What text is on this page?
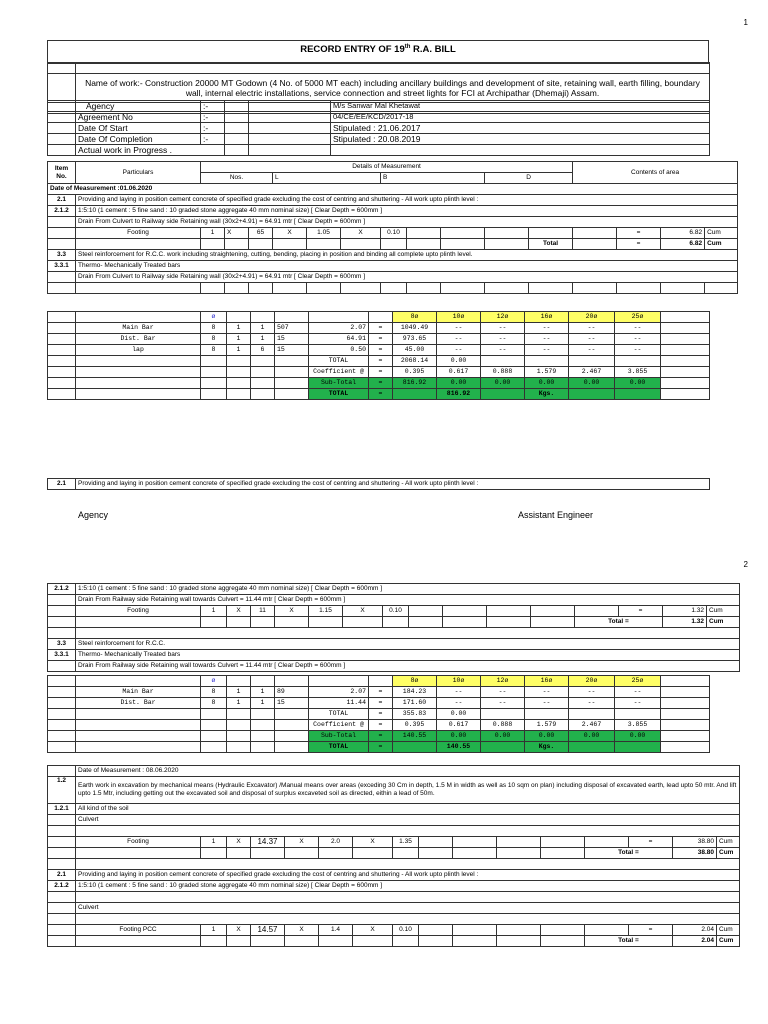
1
RECORD ENTRY OF 19th R.A. BILL

	Name of work:- Construction 20000 MT Godown (4 No. of 5000 MT each) including ancillary buildings and development of site, retaining wall, earth filling, boundary wall, internal electric installations, service connection and street lights for FCI at Archipathar (Dhemaji) Assam.

	Agency	:-			M/s Sanwar Mal Khetawat
	Agreement No	:-			04/CE/EE/KCD/2017-18
	Date Of Start	:-			Stipulated : 21.06.2017
	Date Of Completion	:-			Stipulated : 20.08.2019
	Actual work in Progress .				
Item No.	Particulars	Details of Measurement											Contents of area			
		Nos.			L			B			D					
Date of Measurement :01.06.2020																
2.1	Providing and laying in position cement concrete of specified grade excluding the cost of centring and shuttering - All work upto plinth level :															
2.1.2	1:5:10 (1 cement : 5 fine sand : 10 graded stone aggregate 40 mm nominal size) [ Clear Depth = 600mm ]															
	Drain From Culvert to Railway side Retaining wall (30x2+4.91) = 64.91 mtr [ Clear Depth = 600mm ]															
	Footing	1	X	65	X	1.05	X	0.10						=	6.82	Cum
												Total		=	6.82	Cum
3.3	Steel reinforcement for R.C.C. work including straightening, cutting, bending, placing in position and binding all complete upto plinth level.															
3.3.1	Thermo- Mechanically Treated bars															
	Drain From Culvert to Railway side Retaining wall (30x2+4.91) = 64.91 mtr [ Clear Depth = 600mm ]															

		ø						8ø	10ø	12ø	16ø	20ø	25ø	
	Main Bar	8	1	1	507	2.07	=	1049.49	--	--	--	--	--	
	Dist. Bar	8	1	1	15	64.91	=	973.65	--	--	--	--	--	
	lap	8	1	6	15	0.50	=	45.00	--	--	--	--	--	
						TOTAL	=	2068.14	0.00					
						Coefficient @	=	0.395	0.617	0.888	1.579	2.467	3.855	
						Sub-Total	=	816.92	0.00	0.00	0.00	0.00	0.00	
						TOTAL	=		816.92		Kgs.			
2.1	Providing and laying in position cement concrete of specified grade excluding the cost of centring and shuttering - All work upto plinth level :
Agency	Assistant Engineer
2
2.1.2	1:5:10 (1 cement : 5 fine sand : 10 graded stone aggregate 40 mm nominal size) [ Clear Depth = 600mm ]															
	Drain From Railway side Retaining wall towards Culvert = 11.44 mtr [ Clear Depth = 600mm ]															
	Footing	1	X	11	X	1.15	X	0.10						=	1.32	Cum
													Total =		1.32	Cum

3.3	Steel reinforcement for R.C.C.															
3.3.1	Thermo- Mechanically Treated bars															
	Drain From Railway side Retaining wall towards Culvert = 11.44 mtr [ Clear Depth = 600mm ]															
		ø						8ø	10ø	12ø	16ø	20ø	25ø	
	Main Bar	8	1	1	89	2.07	=	184.23	--	--	--	--	--	
	Dist. Bar	8	1	1	15	11.44	=	171.60	--	--	--	--	--	
						TOTAL	=	355.83	0.00					
						Coefficient @	=	0.395	0.617	0.888	1.579	2.467	3.855	
						Sub-Total	=	140.55	0.00	0.00	0.00	0.00	0.00	
						TOTAL	=		140.55		Kgs.			
	Date of Measurement : 08.06.2020															
1.2	Earth work in excavation by mechanical means (Hydraulic Excavator) /Manual means over areas (exceding 30 Cm in depth, 1.5 M in width as well as 10 sqm on plan) including disposal of excavated earth, lead upto 50 mtr. And lift upto 1.5 Mtr, including getting out the excavated soil and disposal of surplus excaveted soil as directed, eithin a lead of 50m.															
1.2.1	All kind of the soil															
	Culvert															

	Footing	1	X	14.37	X	2.0	X	1.35						=	38.80	Cum
													Total =		38.80	Cum

2.1	Providing and laying in position cement concrete of specified grade excluding the cost of centring and shuttering - All work upto plinth level :															
2.1.2	1:5:10 (1 cement : 5 fine sand : 10 graded stone aggregate 40 mm nominal size) [ Clear Depth = 600mm ]															

	Culvert															

	Footing PCC	1	X	14.57	X	1.4	X	0.10						=	2.04	Cum
													Total =		2.04	Cum
